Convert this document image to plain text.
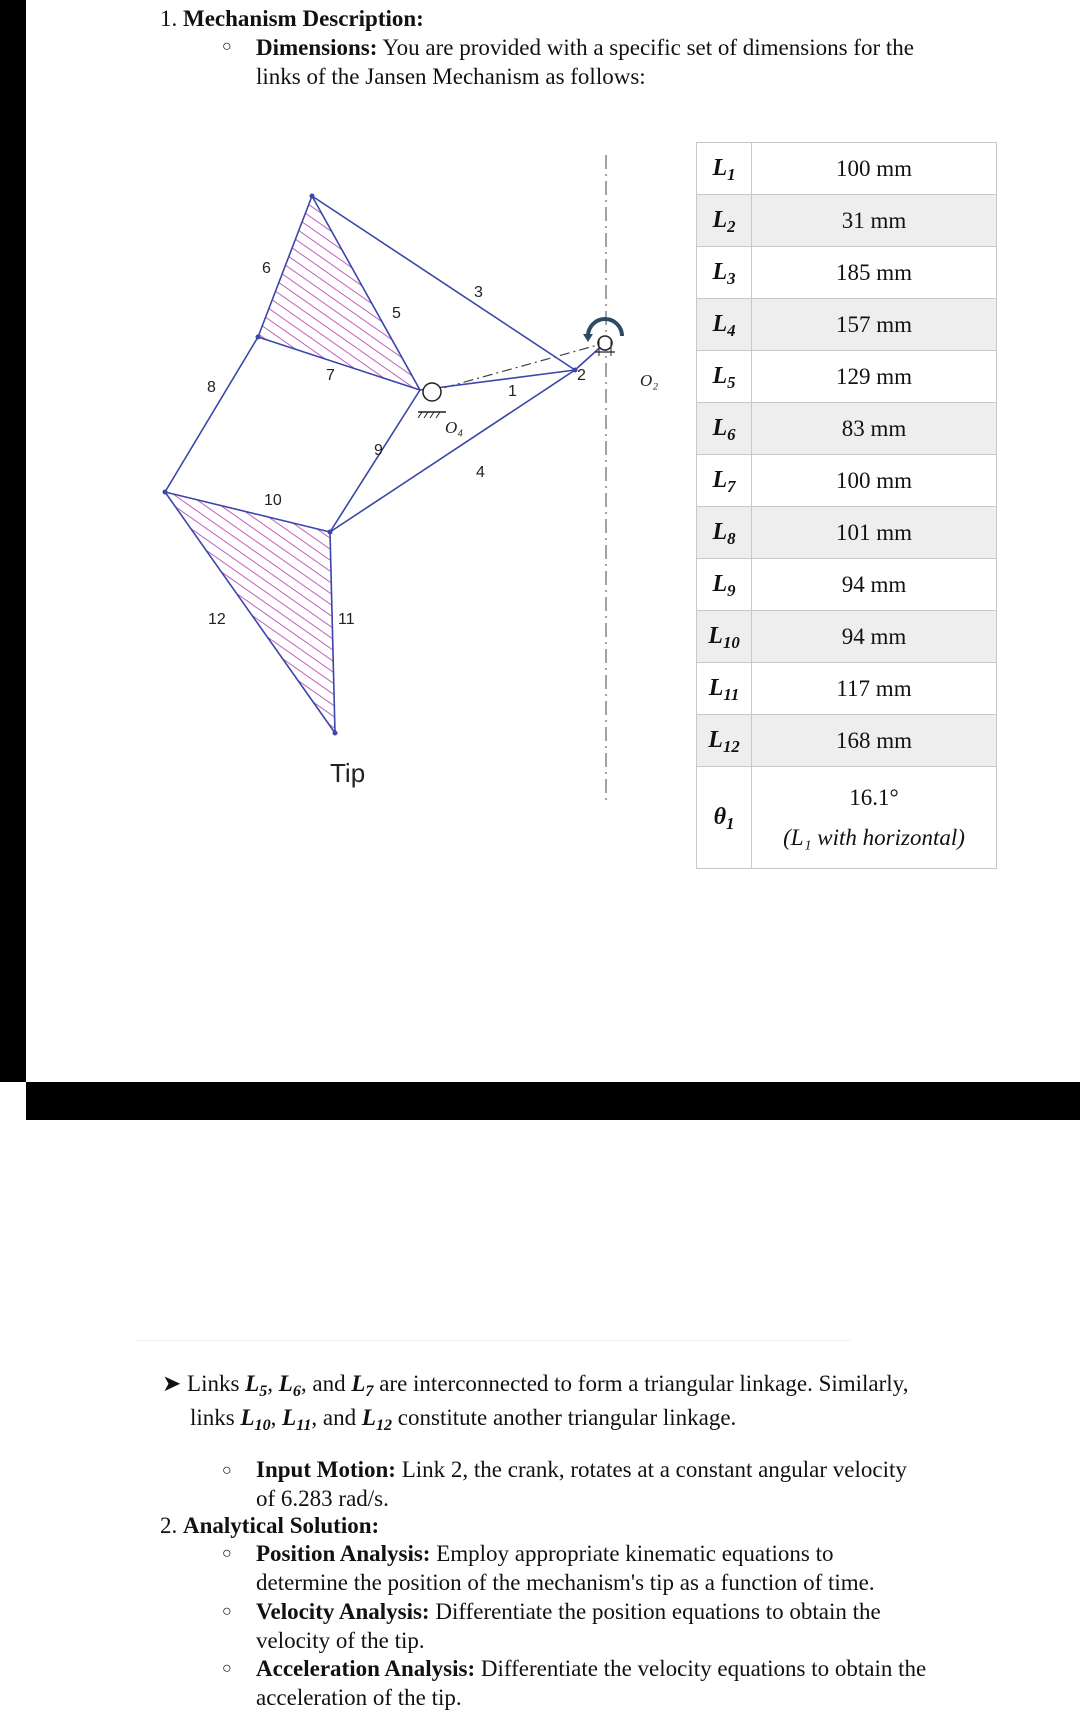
1. Mechanism Description:
○ Dimensions: You are provided with a specific set of dimensions for the
links of the Jansen Mechanism as follows:
1
2
3
4
5
6
7
8
9
10
11
12
Tip
O₂
O₄
$L_1$	100 mm
$L_2$	31 mm
$L_3$	185 mm
$L_4$	157 mm
$L_5$	129 mm
$L_6$	83 mm
$L_7$	100 mm
$L_8$	101 mm
$L_9$	94 mm
$L_{10}$	94 mm
$L_{11}$	117 mm
$L_{12}$	168 mm
$\theta_1$	16.1°
(L₁ with horizontal)
➤ Links $L_5$, $L_6$, and $L_7$ are interconnected to form a triangular linkage. Similarly,
links $L_{10}$, $L_{11}$, and $L_{12}$ constitute another triangular linkage.
○ Input Motion: Link 2, the crank, rotates at a constant angular velocity
of 6.283 rad/s.
2. Analytical Solution:
○ Position Analysis: Employ appropriate kinematic equations to
determine the position of the mechanism's tip as a function of time.
○ Velocity Analysis: Differentiate the position equations to obtain the
velocity of the tip.
○ Acceleration Analysis: Differentiate the velocity equations to obtain the
acceleration of the tip.
